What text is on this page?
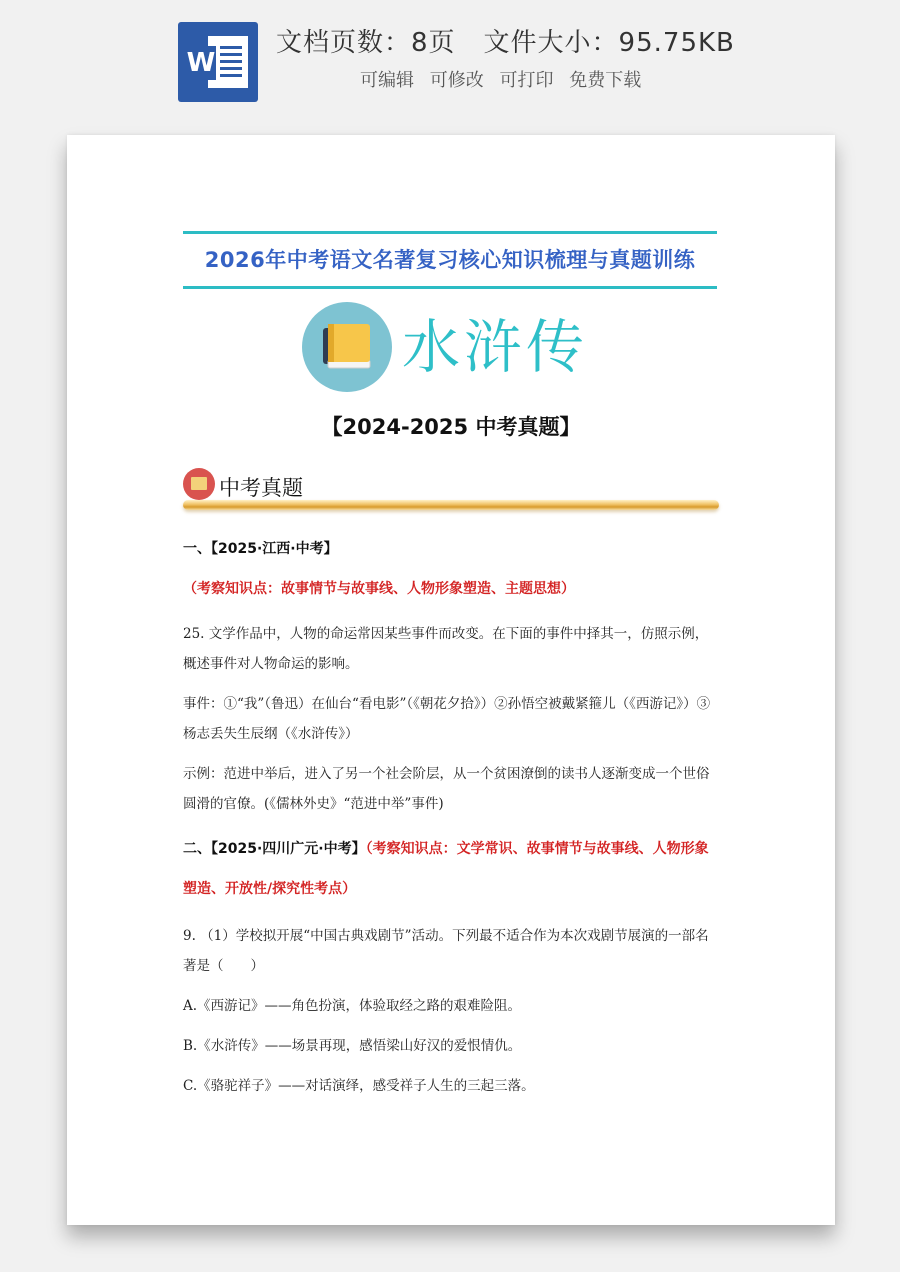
W
文档页数：8页 文件大小：95.75KB
可编辑 可修改 可打印 免费下载
2026年中考语文名著复习核心知识梳理与真题训练
水浒传
【2024-2025 中考真题】
中考真题
一、【2025·江西·中考】（考察知识点：故事情节与故事线、人物形象塑造、主题思想）
25. 文学作品中，人物的命运常因某些事件而改变。在下面的事件中择其一，仿照示例，概述事件对人物命运的影响。
事件：①“我”（鲁迅）在仙台“看电影”（《朝花夕拾》）②孙悟空被戴紧箍儿（《西游记》）③杨志丢失生辰纲（《水浒传》）
示例：范进中举后，进入了另一个社会阶层，从一个贫困潦倒的读书人逐渐变成一个世俗圆滑的官僚。(《儒林外史》“范进中举”事件)
二、【2025·四川广元·中考】（考察知识点：文学常识、故事情节与故事线、人物形象塑造、开放性/探究性考点）
9. （1）学校拟开展“中国古典戏剧节”活动。下列最不适合作为本次戏剧节展演的一部名著是（　　）
A.《西游记》——角色扮演，体验取经之路的艰难险阻。
B.《水浒传》——场景再现，感悟梁山好汉的爱恨情仇。
C.《骆驼祥子》——对话演绎，感受祥子人生的三起三落。
